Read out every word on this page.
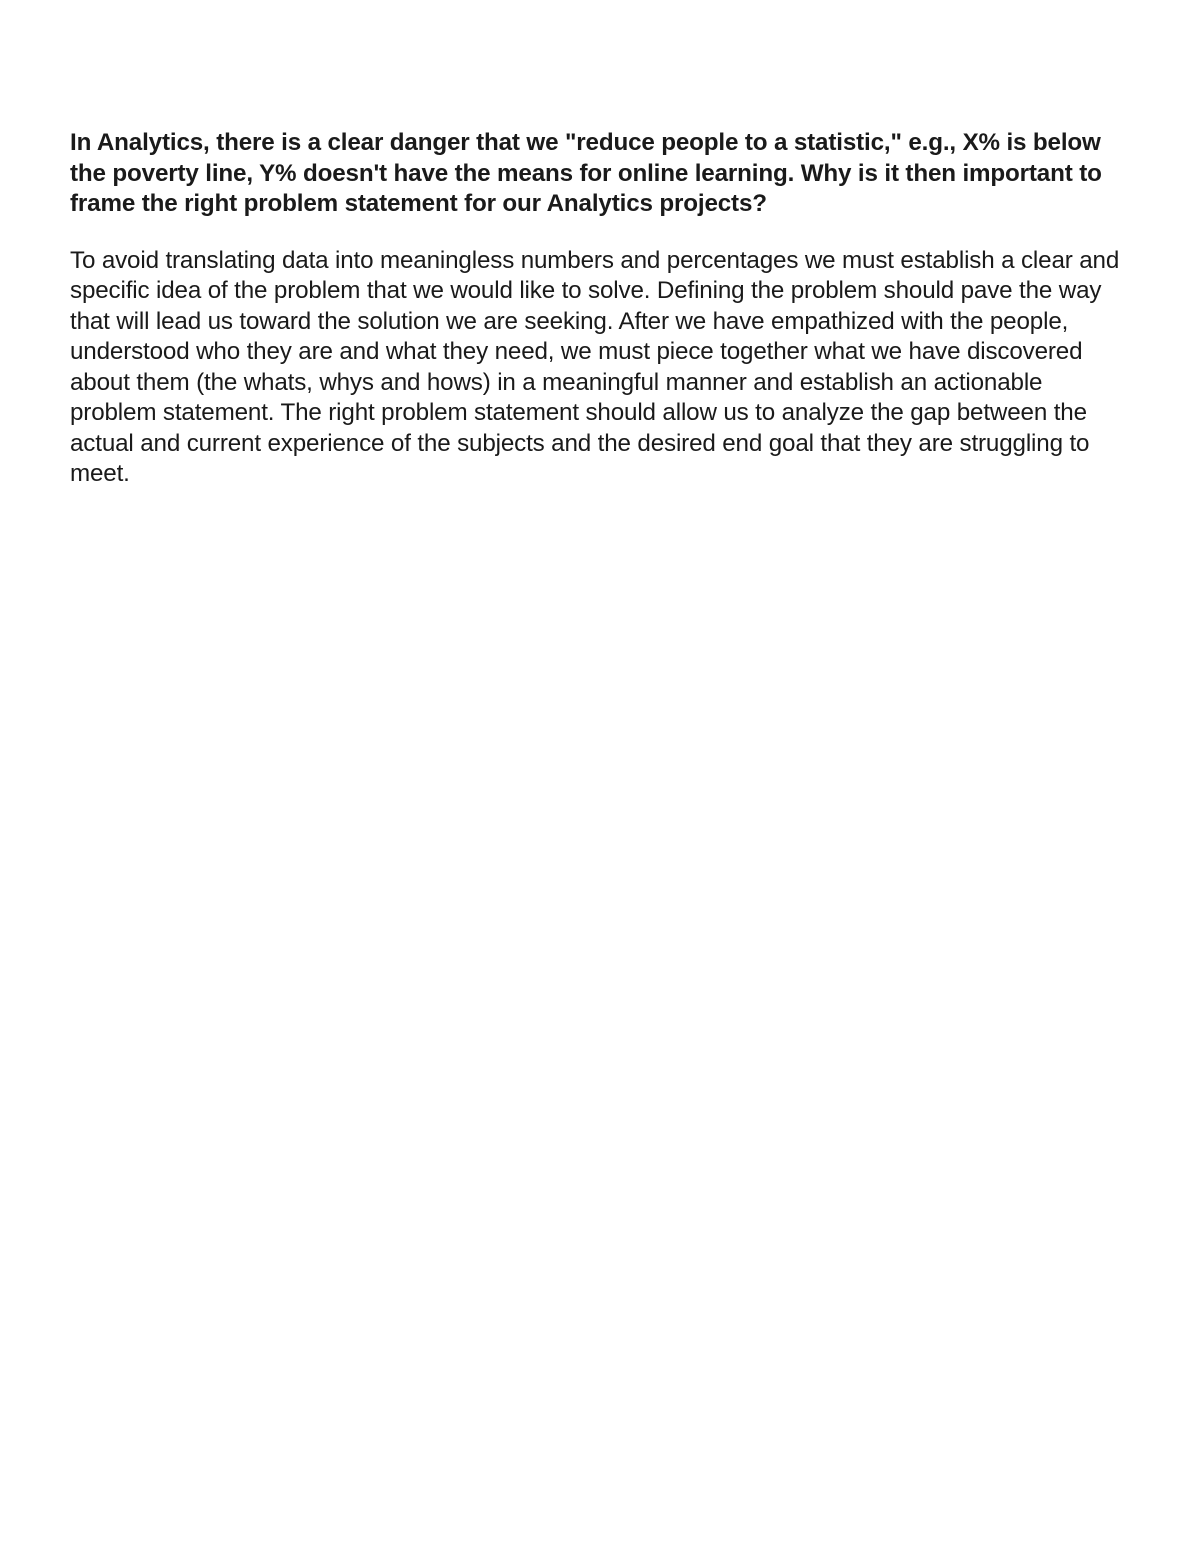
In Analytics, there is a clear danger that we "reduce people to a statistic," e.g., X% is below the poverty line, Y% doesn't have the means for online learning. Why is it then important to frame the right problem statement for our Analytics projects?

To avoid translating data into meaningless numbers and percentages we must establish a clear and specific idea of the problem that we would like to solve. Defining the problem should pave the way that will lead us toward the solution we are seeking. After we have empathized with the people, understood who they are and what they need, we must piece together what we have discovered about them (the whats, whys and hows) in a meaningful manner and establish an actionable problem statement. The right problem statement should allow us to analyze the gap between the actual and current experience of the subjects and the desired end goal that they are struggling to meet.
